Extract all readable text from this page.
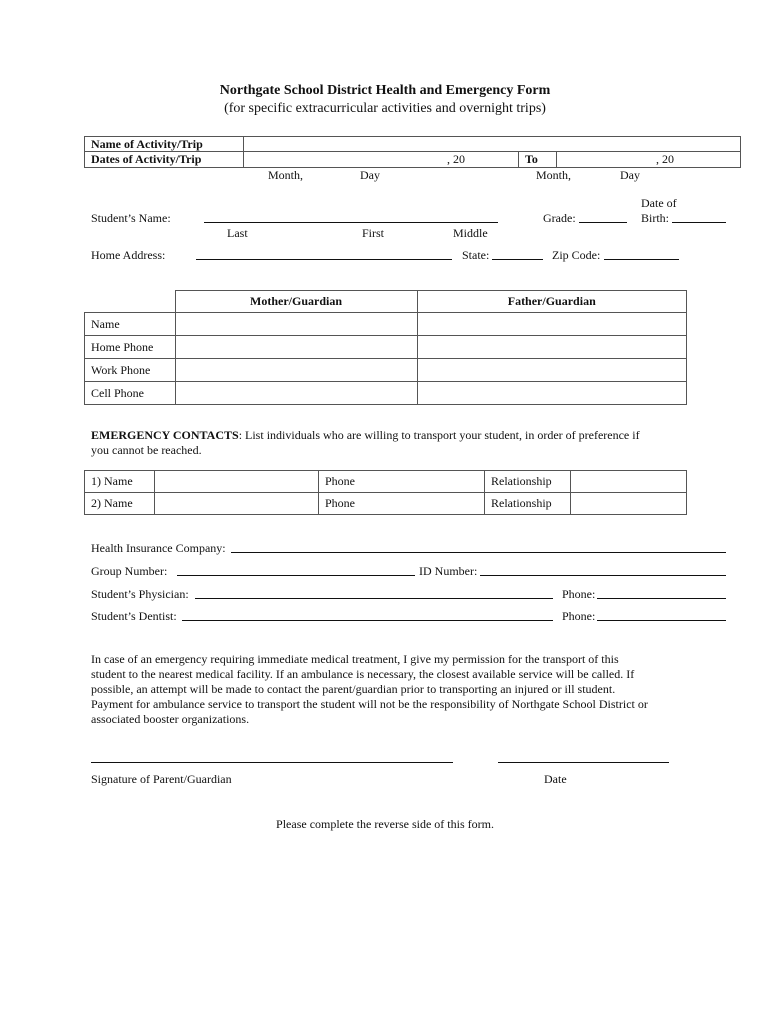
Northgate School District Health and Emergency Form
(for specific extracurricular activities and overnight trips)
Name of Activity/Trip			
Dates of Activity/Trip	, 20	To	, 20
Month,	Day	Month,	Day
Student’s Name:
Last	First	Middle
Grade:
Date of
Birth:
Home Address:	State:	Zip Code:
	Mother/Guardian	Father/Guardian
Name		
Home Phone		
Work Phone		
Cell Phone		
EMERGENCY CONTACTS: List individuals who are willing to transport your student, in order of preference if
you cannot be reached.
1) Name		Phone	Relationship	
2) Name		Phone	Relationship	
Health Insurance Company:
Group Number:	ID Number:
Student’s Physician:	Phone:
Student’s Dentist:	Phone:
In case of an emergency requiring immediate medical treatment, I give my permission for the transport of this
student to the nearest medical facility. If an ambulance is necessary, the closest available service will be called. If
possible, an attempt will be made to contact the parent/guardian prior to transporting an injured or ill student.
Payment for ambulance service to transport the student will not be the responsibility of Northgate School District or
associated booster organizations.
Signature of Parent/Guardian	Date
Please complete the reverse side of this form.
